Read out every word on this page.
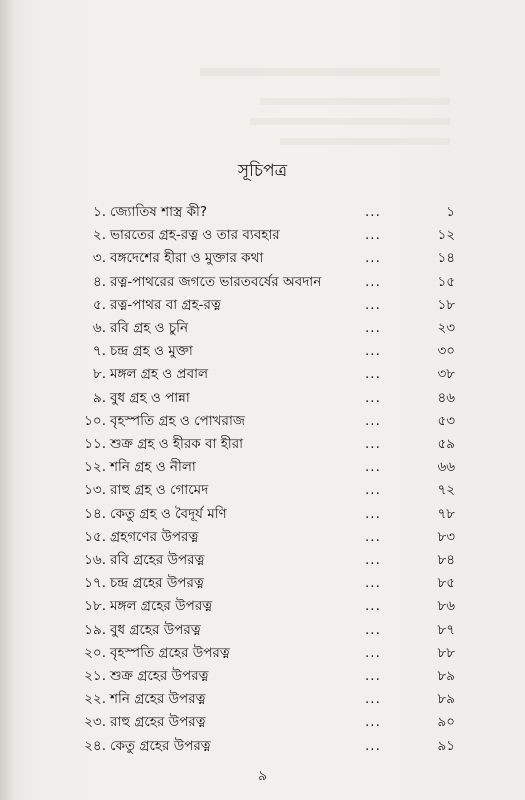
সূচিপত্র
১. জ্যোতিষ শাস্ত্র কী?	...	১
২. ভারতের গ্রহ-রত্ন ও তার ব্যবহার	...	১২
৩. বঙ্গদেশের হীরা ও মুক্তার কথা	...	১৪
৪. রত্ন-পাথরের জগতে ভারতবর্ষের অবদান	...	১৫
৫. রত্ন-পাথর বা গ্রহ-রত্ন	...	১৮
৬. রবি গ্রহ ও চুনি	...	২৩
৭. চন্দ্র গ্রহ ও মুক্তা	...	৩০
৮. মঙ্গল গ্রহ ও প্রবাল	...	৩৮
৯. বুধ গ্রহ ও পান্না	...	৪৬
১০. বৃহস্পতি গ্রহ ও পোখরাজ	...	৫৩
১১. শুক্র গ্রহ ও হীরক বা হীরা	...	৫৯
১২. শনি গ্রহ ও নীলা	...	৬৬
১৩. রাহু গ্রহ ও গোমেদ	...	৭২
১৪. কেতু গ্রহ ও বৈদূর্য মণি	...	৭৮
১৫. গ্রহগণের উপরত্ন	...	৮৩
১৬. রবি গ্রহের উপরত্ন	...	৮৪
১৭. চন্দ্র গ্রহের উপরত্ন	...	৮৫
১৮. মঙ্গল গ্রহের উপরত্ন	...	৮৬
১৯. বুধ গ্রহের উপরত্ন	...	৮৭
২০. বৃহস্পতি গ্রহের উপরত্ন	...	৮৮
২১. শুক্র গ্রহের উপরত্ন	...	৮৯
২২. শনি গ্রহের উপরত্ন	...	৮৯
২৩. রাহু গ্রহের উপরত্ন	...	৯০
২৪. কেতু গ্রহের উপরত্ন	...	৯১
৯
